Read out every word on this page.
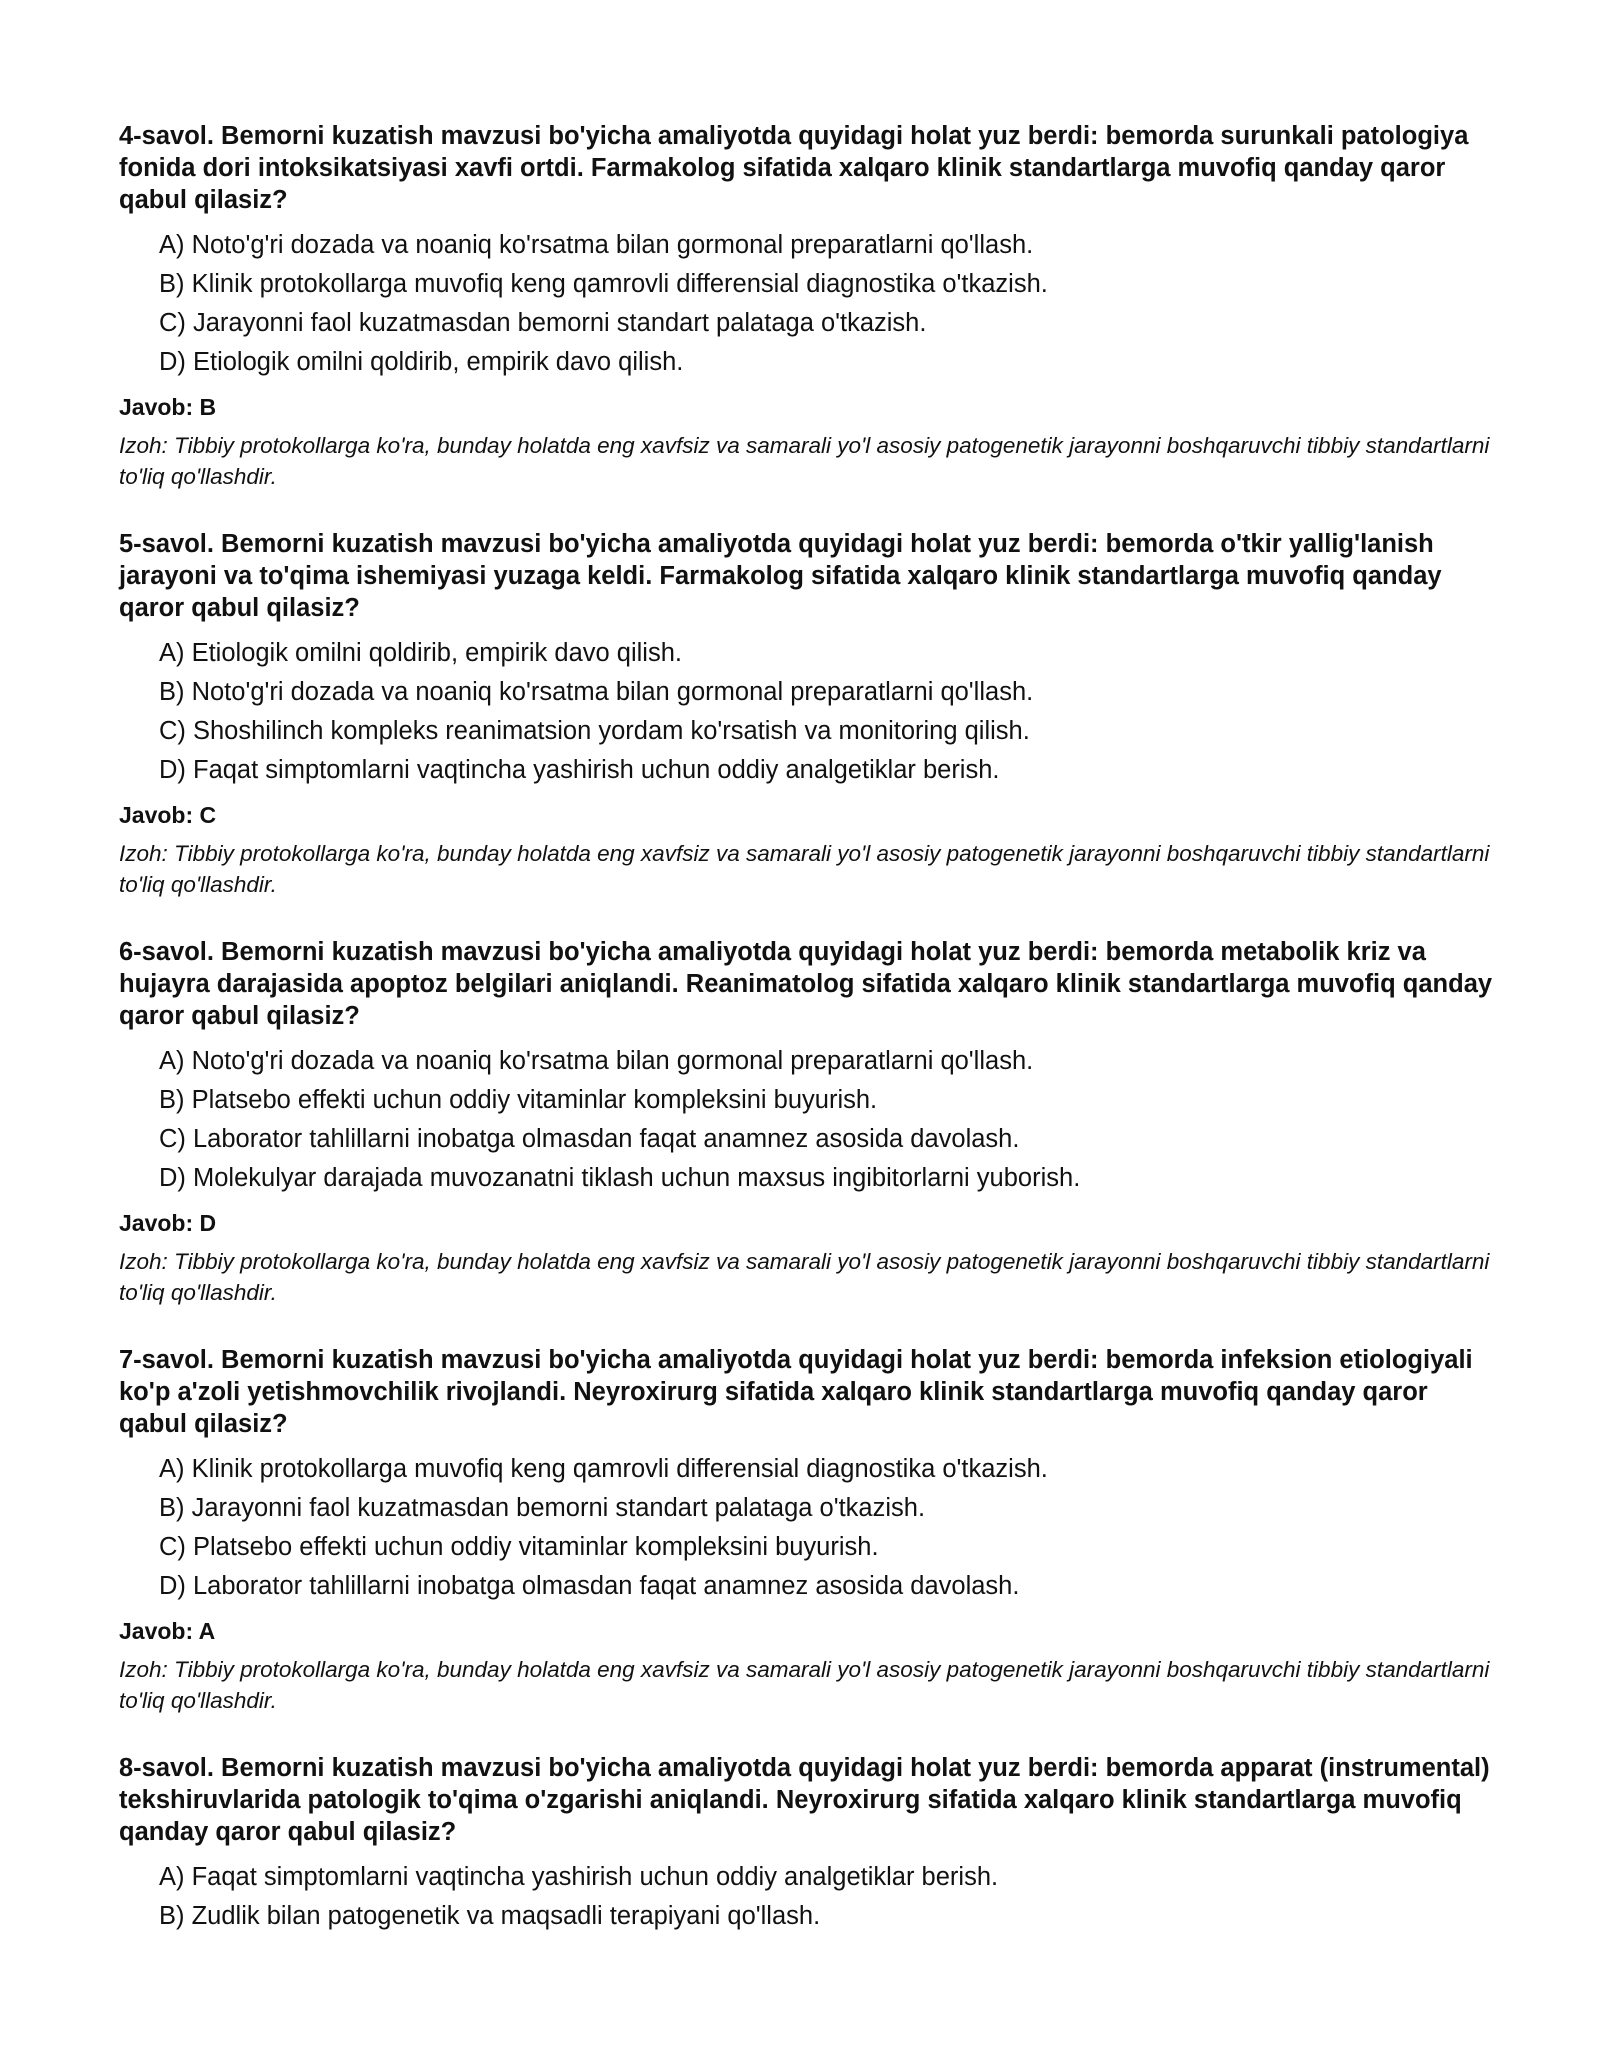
4-savol. Bemorni kuzatish mavzusi bo'yicha amaliyotda quyidagi holat yuz berdi: bemorda surunkali patologiya fonida dori intoksikatsiyasi xavfi ortdi. Farmakolog sifatida xalqaro klinik standartlarga muvofiq qanday qaror qabul qilasiz?
A) Noto'g'ri dozada va noaniq ko'rsatma bilan gormonal preparatlarni qo'llash.
B) Klinik protokollarga muvofiq keng qamrovli differensial diagnostika o'tkazish.
C) Jarayonni faol kuzatmasdan bemorni standart palataga o'tkazish.
D) Etiologik omilni qoldirib, empirik davo qilish.
Javob: B
Izoh: Tibbiy protokollarga ko'ra, bunday holatda eng xavfsiz va samarali yo'l asosiy patogenetik jarayonni boshqaruvchi tibbiy standartlarni to'liq qo'llashdir.
5-savol. Bemorni kuzatish mavzusi bo'yicha amaliyotda quyidagi holat yuz berdi: bemorda o'tkir yallig'lanish jarayoni va to'qima ishemiyasi yuzaga keldi. Farmakolog sifatida xalqaro klinik standartlarga muvofiq qanday qaror qabul qilasiz?
A) Etiologik omilni qoldirib, empirik davo qilish.
B) Noto'g'ri dozada va noaniq ko'rsatma bilan gormonal preparatlarni qo'llash.
C) Shoshilinch kompleks reanimatsion yordam ko'rsatish va monitoring qilish.
D) Faqat simptomlarni vaqtincha yashirish uchun oddiy analgetiklar berish.
Javob: C
Izoh: Tibbiy protokollarga ko'ra, bunday holatda eng xavfsiz va samarali yo'l asosiy patogenetik jarayonni boshqaruvchi tibbiy standartlarni to'liq qo'llashdir.
6-savol. Bemorni kuzatish mavzusi bo'yicha amaliyotda quyidagi holat yuz berdi: bemorda metabolik kriz va hujayra darajasida apoptoz belgilari aniqlandi. Reanimatolog sifatida xalqaro klinik standartlarga muvofiq qanday qaror qabul qilasiz?
A) Noto'g'ri dozada va noaniq ko'rsatma bilan gormonal preparatlarni qo'llash.
B) Platsebo effekti uchun oddiy vitaminlar kompleksini buyurish.
C) Laborator tahlillarni inobatga olmasdan faqat anamnez asosida davolash.
D) Molekulyar darajada muvozanatni tiklash uchun maxsus ingibitorlarni yuborish.
Javob: D
Izoh: Tibbiy protokollarga ko'ra, bunday holatda eng xavfsiz va samarali yo'l asosiy patogenetik jarayonni boshqaruvchi tibbiy standartlarni to'liq qo'llashdir.
7-savol. Bemorni kuzatish mavzusi bo'yicha amaliyotda quyidagi holat yuz berdi: bemorda infeksion etiologiyali ko'p a'zoli yetishmovchilik rivojlandi. Neyroxirurg sifatida xalqaro klinik standartlarga muvofiq qanday qaror qabul qilasiz?
A) Klinik protokollarga muvofiq keng qamrovli differensial diagnostika o'tkazish.
B) Jarayonni faol kuzatmasdan bemorni standart palataga o'tkazish.
C) Platsebo effekti uchun oddiy vitaminlar kompleksini buyurish.
D) Laborator tahlillarni inobatga olmasdan faqat anamnez asosida davolash.
Javob: A
Izoh: Tibbiy protokollarga ko'ra, bunday holatda eng xavfsiz va samarali yo'l asosiy patogenetik jarayonni boshqaruvchi tibbiy standartlarni to'liq qo'llashdir.
8-savol. Bemorni kuzatish mavzusi bo'yicha amaliyotda quyidagi holat yuz berdi: bemorda apparat (instrumental) tekshiruvlarida patologik to'qima o'zgarishi aniqlandi. Neyroxirurg sifatida xalqaro klinik standartlarga muvofiq qanday qaror qabul qilasiz?
A) Faqat simptomlarni vaqtincha yashirish uchun oddiy analgetiklar berish.
B) Zudlik bilan patogenetik va maqsadli terapiyani qo'llash.
